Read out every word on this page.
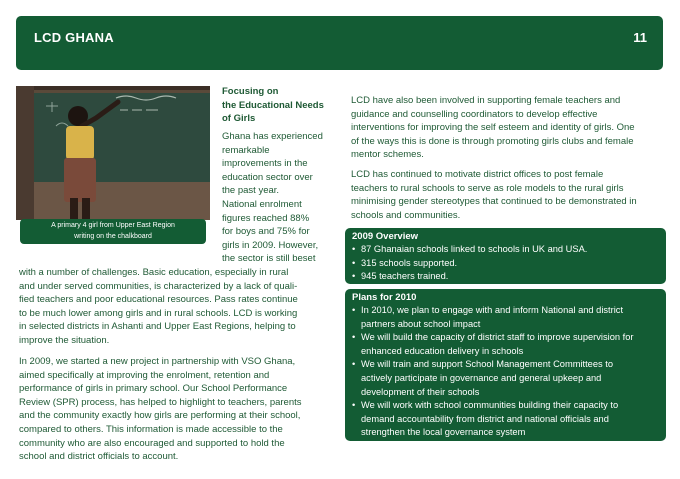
LCD GHANA	11
A primary 4 girl from Upper East Region
writing on the chalkboard
Focusing on
the Educational Needs
of Girls
Ghana has experienced
remarkable
improvements in the
education sector over
the past year.
National enrolment
figures reached 88%
for boys and 75% for
girls in 2009. However,
the sector is still beset
with a number of challenges. Basic education, especially in rural
and under served communities, is characterized by a lack of quali-
fied teachers and poor educational resources. Pass rates continue
to be much lower among girls and in rural schools. LCD is working
in selected districts in Ashanti and Upper East Regions, helping to
improve the situation.
In 2009, we started a new project in partnership with VSO Ghana,
aimed specifically at improving the enrolment, retention and
performance of girls in primary school. Our School Performance
Review (SPR) process, has helped to highlight to teachers, parents
and the community exactly how girls are performing at their school,
compared to others. This information is made accessible to the
community who are also encouraged and supported to hold the
school and district officials to account.
LCD have also been involved in supporting female teachers and
guidance and counselling coordinators to develop effective
interventions for improving the self esteem and identity of girls. One
of the ways this is done is through promoting girls clubs and female
mentor schemes.
LCD has continued to motivate district offices to post female
teachers to rural schools to serve as role models to the rural girls
minimising gender stereotypes that continued to be demonstrated in
schools and communities.
2009 Overview
• 87 Ghanaian schools linked to schools in UK and USA.
• 315 schools supported.
• 945 teachers trained.
Plans for 2010
• In 2010, we plan to engage with and inform National and district
partners about school impact
• We will build the capacity of district staff to improve supervision for
enhanced education delivery in schools
• We will train and support School Management Committees to
actively participate in governance and general upkeep and
development of their schools
• We will work with school communities building their capacity to
demand accountability from district and national officials and
strengthen the local governance system
